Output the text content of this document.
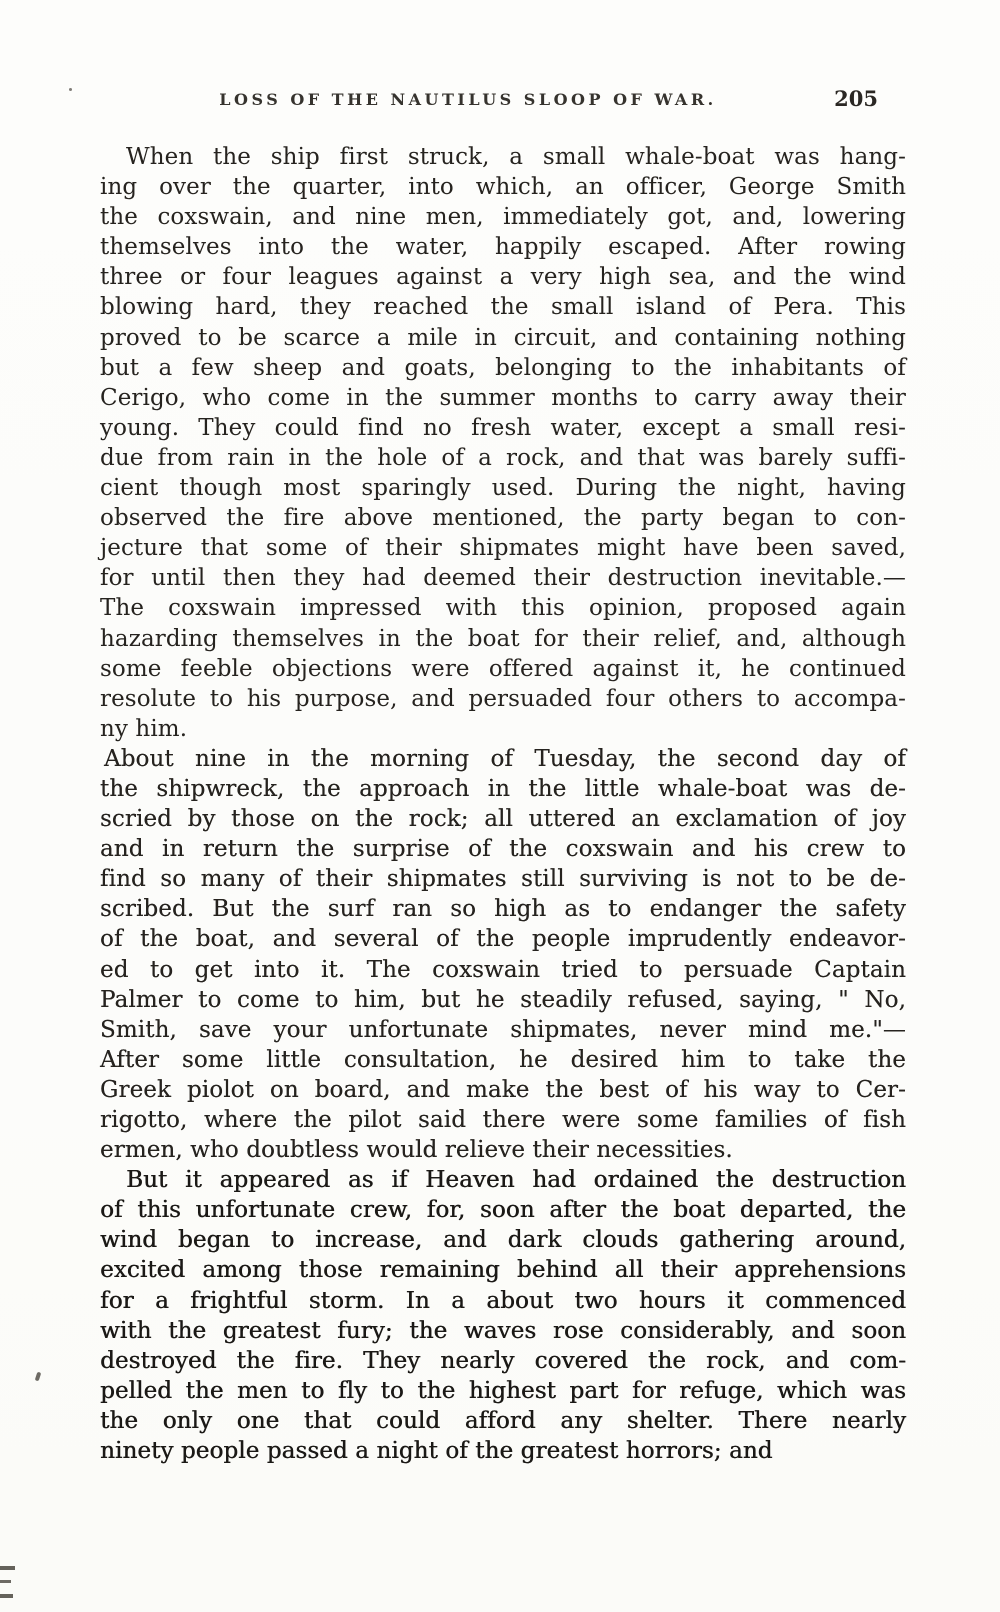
LOSS OF THE NAUTILUS SLOOP OF WAR.	205
When the ship first struck, a small whale-boat was hang-
ing over the quarter, into which, an officer, George Smith
the coxswain, and nine men, immediately got, and, lowering
themselves into the water, happily escaped. After rowing
three or four leagues against a very high sea, and the wind
blowing hard, they reached the small island of Pera. This
proved to be scarce a mile in circuit, and containing nothing
but a few sheep and goats, belonging to the inhabitants of
Cerigo, who come in the summer months to carry away their
young. They could find no fresh water, except a small resi-
due from rain in the hole of a rock, and that was barely suffi-
cient though most sparingly used. During the night, having
observed the fire above mentioned, the party began to con-
jecture that some of their shipmates might have been saved,
for until then they had deemed their destruction inevitable.—
The coxswain impressed with this opinion, proposed again
hazarding themselves in the boat for their relief, and, although
some feeble objections were offered against it, he continued
resolute to his purpose, and persuaded four others to accompa-
ny him.
About nine in the morning of Tuesday, the second day of
the shipwreck, the approach in the little whale-boat was de-
scried by those on the rock; all uttered an exclamation of joy
and in return the surprise of the coxswain and his crew to
find so many of their shipmates still surviving is not to be de-
scribed. But the surf ran so high as to endanger the safety
of the boat, and several of the people imprudently endeavor-
ed to get into it. The coxswain tried to persuade Captain
Palmer to come to him, but he steadily refused, saying, " No,
Smith, save your unfortunate shipmates, never mind me."—
After some little consultation, he desired him to take the
Greek piolot on board, and make the best of his way to Cer-
rigotto, where the pilot said there were some families of fish
ermen, who doubtless would relieve their necessities.
But it appeared as if Heaven had ordained the destruction
of this unfortunate crew, for, soon after the boat departed, the
wind began to increase, and dark clouds gathering around,
excited among those remaining behind all their apprehensions
for a frightful storm. In a about two hours it commenced
with the greatest fury; the waves rose considerably, and soon
destroyed the fire. They nearly covered the rock, and com-
pelled the men to fly to the highest part for refuge, which was
the only one that could afford any shelter. There nearly
ninety people passed a night of the greatest horrors; and
